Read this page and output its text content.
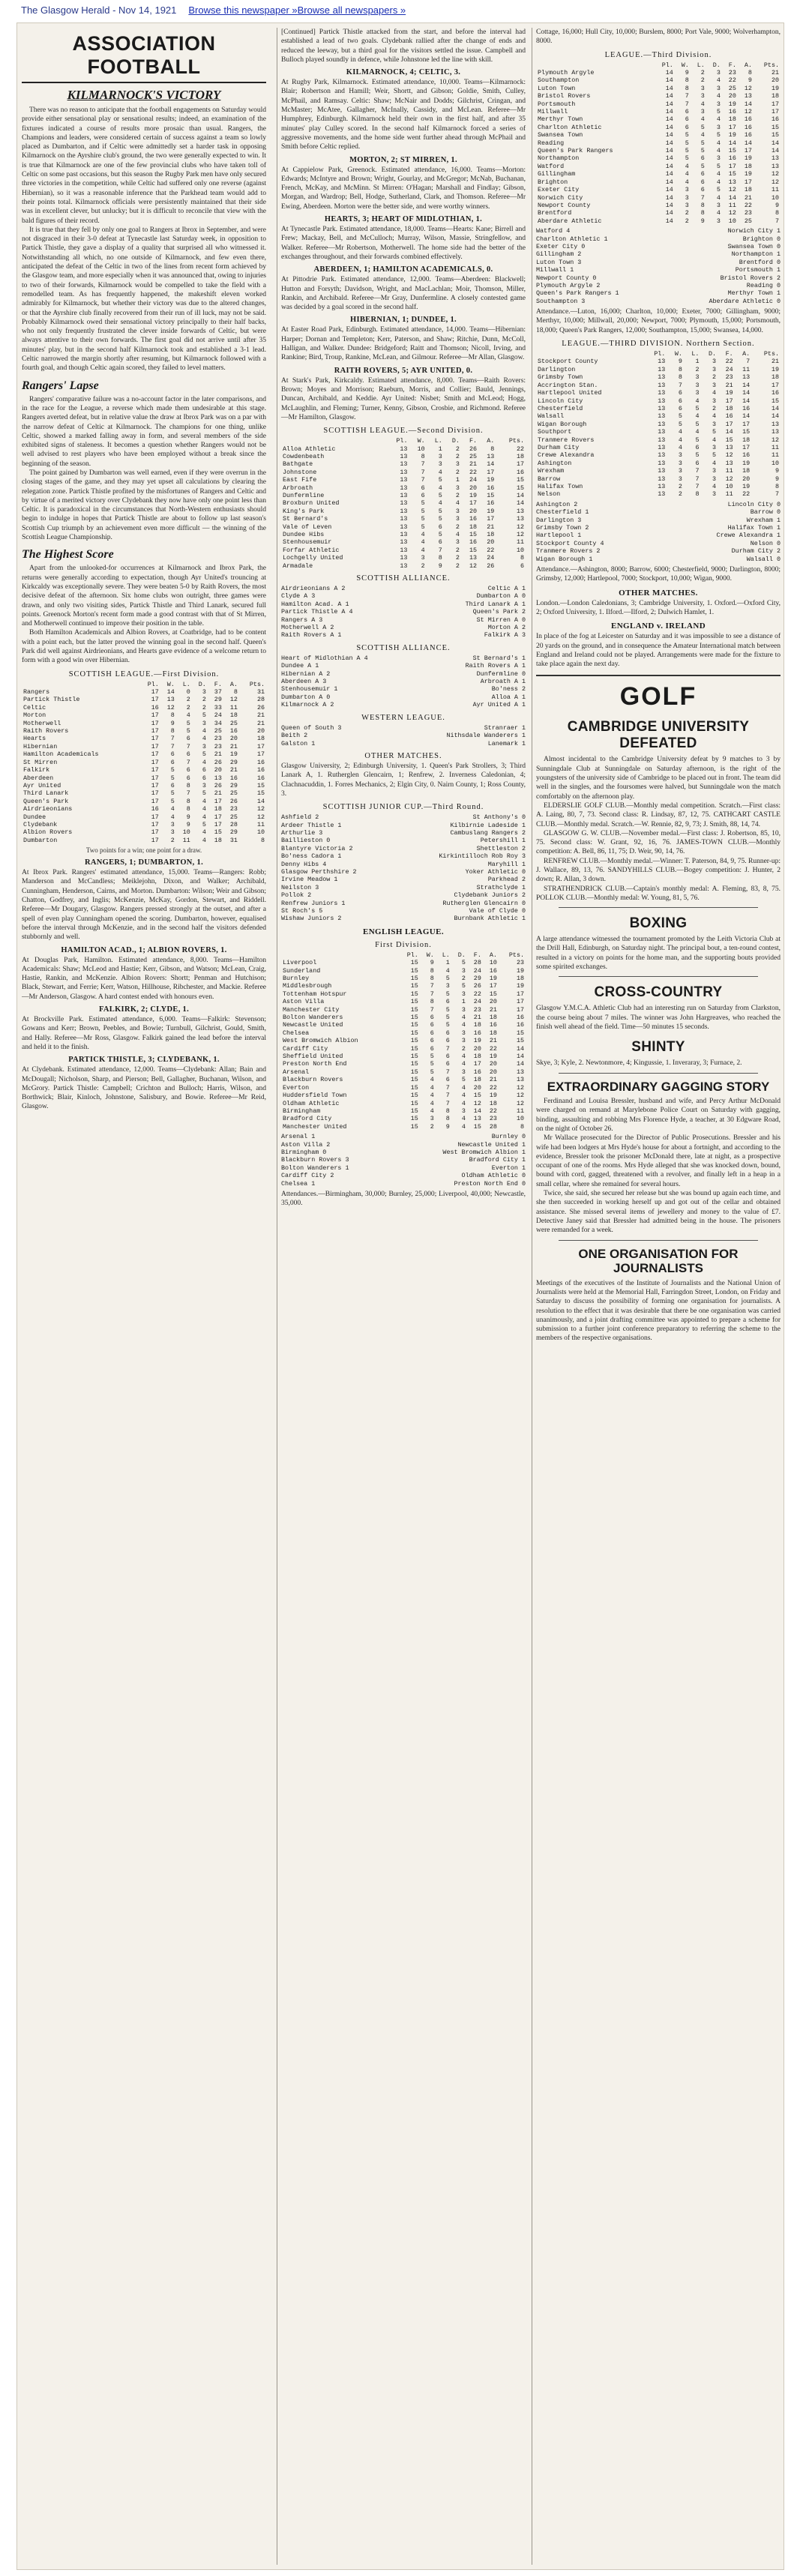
The Glasgow Herald - Nov 14, 1921 Browse this newspaper » Browse all newspapers »
ASSOCIATION FOOTBALL
KILMARNOCK'S VICTORY

There was no reason to anticipate that the football engagements on Saturday would provide either sensational play or sensational results; indeed, an examination of the fixtures indicated a course of results more prosaic than usual. Rangers, the Champions and leaders, were considered certain of success against a team so lowly placed as Dumbarton, and if Celtic were admittedly set a harder task in opposing Kilmarnock on the Ayrshire club's ground, the two were generally expected to win. It is true that Kilmarnock are one of the few provincial clubs who have taken toll of Celtic on some past occasions, but this season the Rugby Park men have only secured three victories in the competition, while Celtic had suffered only one reverse (against Hibernian), so it was a reasonable inference that the Parkhead team would add to their points total. Kilmarnock officials were persistently maintained that their side was in excellent clever, but unlucky; but it is difficult to reconcile that view with the bald figures of their record.

It is true that they fell by only one goal to Rangers at Ibrox in September, and were not disgraced in their 3-0 defeat at Tynecastle last Saturday week, in opposition to Partick Thistle, they gave a display of a quality that surprised all who witnessed it. Notwithstanding all which, no one outside of Kilmarnock, and few even there, anticipated the defeat of the Celtic in two of the lines from recent form achieved by the Glasgow team, and more especially when it was announced that, owing to injuries to two of their forwards, Kilmarnock would be compelled to take the field with a remodelled team. As has frequently happened, the makeshift eleven worked admirably for Kilmarnock, but whether their victory was due to the altered changes, or that the Ayrshire club finally recovered from their run of ill luck, may not be said. Probably Kilmarnock owed their sensational victory principally to their half backs, who not only frequently frustrated the clever inside forwards of Celtic, but were always attentive to their own forwards. The first goal did not arrive until after 35 minutes' play, but in the second half Kilmarnock took and established a 3-1 lead. Celtic narrowed the margin shortly after resuming, but Kilmarnock followed with a fourth goal, and though Celtic again scored, they failed to level matters.

Rangers' Lapse

Rangers' comparative failure was a no-account factor in the later comparisons, and in the race for the League, a reverse which made them undesirable at this stage. Rangers averted defeat, but in relative value the draw at Ibrox Park was on a par with the narrow defeat of Celtic at Kilmarnock. The champions for one thing, unlike Celtic, showed a marked falling away in form, and several members of the side exhibited signs of staleness. It becomes a question whether Rangers would not be well advised to rest players who have been employed without a break since the beginning of the season.

The point gained by Dumbarton was well earned, even if they were overrun in the closing stages of the game, and they may yet upset all calculations by clearing the relegation zone. Partick Thistle profited by the misfortunes of Rangers and Celtic and by virtue of a merited victory over Clydebank they now have only one point less than Celtic. It is paradoxical in the circumstances that North-Western enthusiasts should begin to indulge in hopes that Partick Thistle are about to follow up last season's Scottish Cup triumph by an achievement even more difficult — the winning of the Scottish League Championship.

The Highest Score

Apart from the unlooked-for occurrences at Kilmarnock and Ibrox Park, the returns were generally according to expectation, though Ayr United's trouncing at Kirkcaldy was exceptionally severe. They were beaten 5-0 by Raith Rovers, the most decisive defeat of the afternoon. Six home clubs won outright, three games were drawn, and only two visiting sides, Partick Thistle and Third Lanark, secured full points. Greenock Morton's recent form made a good contrast with that of St Mirren, and Motherwell continued to improve their position in the table.

Both Hamilton Academicals and Albion Rovers, at Coatbridge, had to be content with a point each, but the latter proved the winning goal in the second half. Queen's Park did well against Airdrieonians, and Hearts gave evidence of a welcome return to form with a good win over Hibernian.

SCOTTISH LEAGUE.—First Division.
	Pl.	W.	L.	D.	F.	A.	Pts.
Rangers	17	14	0	3	37	8	31
Partick Thistle	17	13	2	2	29	12	28
Celtic	16	12	2	2	33	11	26
Morton	17	8	4	5	24	18	21
Motherwell	17	9	5	3	34	25	21
Raith Rovers	17	8	5	4	25	16	20
Hearts	17	7	6	4	23	20	18
Hibernian	17	7	7	3	23	21	17
Hamilton Academicals	17	6	6	5	21	19	17
St Mirren	17	6	7	4	26	29	16
Falkirk	17	5	6	6	20	21	16
Aberdeen	17	5	6	6	13	16	16
Ayr United	17	6	8	3	26	29	15
Third Lanark	17	5	7	5	21	25	15
Queen's Park	17	5	8	4	17	26	14
Airdrieonians	16	4	8	4	18	23	12
Dundee	17	4	9	4	17	25	12
Clydebank	17	3	9	5	17	28	11
Albion Rovers	17	3	10	4	15	29	10
Dumbarton	17	2	11	4	18	31	8
Two points for a win; one point for a draw.
RANGERS, 1; DUMBARTON, 1.
At Ibrox Park. Rangers' estimated attendance, 15,000. Teams—Rangers: Robb; Manderson and McCandless; Meiklejohn, Dixon, and Walker; Archibald, Cunningham, Henderson, Cairns, and Morton. Dumbarton: Wilson; Weir and Gibson; Chatton, Godfrey, and Inglis; McKenzie, McKay, Gordon, Stewart, and Riddell. Referee—Mr Dougary, Glasgow. Rangers pressed strongly at the outset, and after a spell of even play Cunningham opened the scoring. Dumbarton, however, equalised before the interval through McKenzie, and in the second half the visitors defended stubbornly and well.
HAMILTON ACAD., 1; ALBION ROVERS, 1.
At Douglas Park, Hamilton. Estimated attendance, 8,000. Teams—Hamilton Academicals: Shaw; McLeod and Hastie; Kerr, Gibson, and Watson; McLean, Craig, Hastie, Rankin, and McKenzie. Albion Rovers: Shortt; Penman and Hutchison; Black, Stewart, and Ferrie; Kerr, Watson, Hillhouse, Ribchester, and Mackie. Referee—Mr Anderson, Glasgow. A hard contest ended with honours even.
FALKIRK, 2; CLYDE, 1.
At Brockville Park. Estimated attendance, 6,000. Teams—Falkirk: Stevenson; Gowans and Kerr; Brown, Peebles, and Bowie; Turnbull, Gilchrist, Gould, Smith, and Hally. Referee—Mr Ross, Glasgow. Falkirk gained the lead before the interval and held it to the finish.
PARTICK THISTLE, 3; CLYDEBANK, 1.
At Clydebank. Estimated attendance, 12,000. Teams—Clydebank: Allan; Bain and McDougall; Nicholson, Sharp, and Pierson; Bell, Gallagher, Buchanan, Wilson, and McGrory. Partick Thistle: Campbell; Crichton and Bulloch; Harris, Wilson, and Borthwick; Blair, Kinloch, Johnstone, Salisbury, and Bowie. Referee—Mr Reid, Glasgow.
[Continued] Partick Thistle attacked from the start, and before the interval had established a lead of two goals. Clydebank rallied after the change of ends and reduced the leeway, but a third goal for the visitors settled the issue. Campbell and Bulloch played soundly in defence, while Johnstone led the line with skill.
KILMARNOCK, 4; CELTIC, 3.
At Rugby Park, Kilmarnock. Estimated attendance, 10,000. Teams—Kilmarnock: Blair; Robertson and Hamill; Weir, Shortt, and Gibson; Goldie, Smith, Culley, McPhail, and Ramsay. Celtic: Shaw; McNair and Dodds; Gilchrist, Cringan, and McMaster; McAtee, Gallagher, McInally, Cassidy, and McLean. Referee—Mr Humphrey, Edinburgh. Kilmarnock held their own in the first half, and after 35 minutes' play Culley scored. In the second half Kilmarnock forced a series of aggressive movements, and the home side went further ahead through McPhail and Smith before Celtic replied.
MORTON, 2; ST MIRREN, 1.
At Cappielow Park, Greenock. Estimated attendance, 16,000. Teams—Morton: Edwards; McIntyre and Brown; Wright, Gourlay, and McGregor; McNab, Buchanan, French, McKay, and McMinn. St Mirren: O'Hagan; Marshall and Findlay; Gibson, Morgan, and Wardrop; Bell, Hodge, Sutherland, Clark, and Thomson. Referee—Mr Ewing, Aberdeen. Morton were the better side, and were worthy winners.
HEARTS, 3; HEART OF MIDLOTHIAN, 1.
At Tynecastle Park. Estimated attendance, 18,000. Teams—Hearts: Kane; Birrell and Frew; Mackay, Bell, and McCulloch; Murray, Wilson, Massie, Stringfellow, and Walker. Referee—Mr Robertson, Motherwell. The home side had the better of the exchanges throughout, and their forwards combined effectively.
ABERDEEN, 1; HAMILTON ACADEMICALS, 0.
At Pittodrie Park. Estimated attendance, 12,000. Teams—Aberdeen: Blackwell; Hutton and Forsyth; Davidson, Wright, and MacLachlan; Moir, Thomson, Miller, Rankin, and Archibald. Referee—Mr Gray, Dunfermline. A closely contested game was decided by a goal scored in the second half.
HIBERNIAN, 1; DUNDEE, 1.
At Easter Road Park, Edinburgh. Estimated attendance, 14,000. Teams—Hibernian: Harper; Dornan and Templeton; Kerr, Paterson, and Shaw; Ritchie, Dunn, McColl, Halligan, and Walker. Dundee: Bridgeford; Raitt and Thomson; Nicoll, Irving, and Rankine; Bird, Troup, Rankine, McLean, and Gilmour. Referee—Mr Allan, Glasgow.
RAITH ROVERS, 5; AYR UNITED, 0.
At Stark's Park, Kirkcaldy. Estimated attendance, 8,000. Teams—Raith Rovers: Brown; Moyes and Morrison; Raeburn, Morris, and Collier; Bauld, Jennings, Duncan, Archibald, and Keddie. Ayr United: Nisbet; Smith and McLeod; Hogg, McLaughlin, and Fleming; Turner, Kenny, Gibson, Crosbie, and Richmond. Referee—Mr Hamilton, Glasgow.
SCOTTISH LEAGUE.—Second Division.
	Pl.	W.	L.	D.	F.	A.	Pts.
Alloa Athletic	13	10	1	2	26	8	22
Cowdenbeath	13	8	3	2	25	13	18
Bathgate	13	7	3	3	21	14	17
Johnstone	13	7	4	2	22	17	16
East Fife	13	7	5	1	24	19	15
Arbroath	13	6	4	3	20	16	15
Dunfermline	13	6	5	2	19	15	14
Broxburn United	13	5	4	4	17	16	14
King's Park	13	5	5	3	20	19	13
St Bernard's	13	5	5	3	16	17	13
Vale of Leven	13	5	6	2	18	21	12
Dundee Hibs	13	4	5	4	15	18	12
Stenhousemuir	13	4	6	3	16	20	11
Forfar Athletic	13	4	7	2	15	22	10
Lochgelly United	13	3	8	2	13	24	8
Armadale	13	2	9	2	12	26	6
SCOTTISH ALLIANCE.
Airdrieonians A 2	Celtic A 1
Clyde A 3	Dumbarton A 0
Hamilton Acad. A 1	Third Lanark A 1
Partick Thistle A 4	Queen's Park 2
Rangers A 3	St Mirren A 0
Motherwell A 2	Morton A 2
Raith Rovers A 1	Falkirk A 3
SCOTTISH ALLIANCE.
Heart of Midlothian A 4	St Bernard's 1
Dundee A 1	Raith Rovers A 1
Hibernian A 2	Dunfermline 0
Aberdeen A 3	Arbroath A 1
Stenhousemuir 1	Bo'ness 2
Dumbarton A 0	Alloa A 1
Kilmarnock A 2	Ayr United A 1
WESTERN LEAGUE.
Queen of South 3	Stranraer 1
Beith 2	Nithsdale Wanderers 1
Galston 1	Lanemark 1
OTHER MATCHES.
Glasgow University, 2; Edinburgh University, 1. Queen's Park Strollers, 3; Third Lanark A, 1. Rutherglen Glencairn, 1; Renfrew, 2. Inverness Caledonian, 4; Clachnacuddin, 1. Forres Mechanics, 2; Elgin City, 0. Nairn County, 1; Ross County, 3.
SCOTTISH JUNIOR CUP.—Third Round.
Ashfield 2	St Anthony's 0
Ardeer Thistle 1	Kilbirnie Ladeside 1
Arthurlie 3	Cambuslang Rangers 2
Baillieston 0	Petershill 1
Blantyre Victoria 2	Shettleston 2
Bo'ness Cadora 1	Kirkintilloch Rob Roy 3
Denny Hibs 4	Maryhill 1
Glasgow Perthshire 2	Yoker Athletic 0
Irvine Meadow 1	Parkhead 2
Neilston 3	Strathclyde 1
Pollok 2	Clydebank Juniors 2
Renfrew Juniors 1	Rutherglen Glencairn 0
St Roch's 5	Vale of Clyde 0
Wishaw Juniors 2	Burnbank Athletic 1
ENGLISH LEAGUE.
First Division.
	Pl.	W.	L.	D.	F.	A.	Pts.
Liverpool	15	9	1	5	28	10	23
Sunderland	15	8	4	3	24	16	19
Burnley	15	8	5	2	29	19	18
Middlesbrough	15	7	3	5	26	17	19
Tottenham Hotspur	15	7	5	3	22	15	17
Aston Villa	15	8	6	1	24	20	17
Manchester City	15	7	5	3	23	21	17
Bolton Wanderers	15	6	5	4	21	18	16
Newcastle United	15	6	5	4	18	16	16
Chelsea	15	6	6	3	16	18	15
West Bromwich Albion	15	6	6	3	19	21	15
Cardiff City	15	6	7	2	20	22	14
Sheffield United	15	5	6	4	18	19	14
Preston North End	15	5	6	4	17	20	14
Arsenal	15	5	7	3	16	20	13
Blackburn Rovers	15	4	6	5	18	21	13
Everton	15	4	7	4	20	22	12
Huddersfield Town	15	4	7	4	15	19	12
Oldham Athletic	15	4	7	4	12	18	12
Birmingham	15	4	8	3	14	22	11
Bradford City	15	3	8	4	13	23	10
Manchester United	15	2	9	4	15	28	8
Arsenal 1	Burnley 0
Aston Villa 2	Newcastle United 1
Birmingham 0	West Bromwich Albion 1
Blackburn Rovers 3	Bradford City 1
Bolton Wanderers 1	Everton 1
Cardiff City 2	Oldham Athletic 0
Chelsea 1	Preston North End 0
Attendances.—Birmingham, 30,000; Burnley, 25,000; Liverpool, 40,000; Newcastle, 35,000.
Cottage, 16,000; Hull City, 10,000; Burslem, 8000; Port Vale, 9000; Wolverhampton, 8000.
LEAGUE.—Third Division.
	Pl.	W.	L.	D.	F.	A.	Pts.
Plymouth Argyle	14	9	2	3	23	8	21
Southampton	14	8	2	4	22	9	20
Luton Town	14	8	3	3	25	12	19
Bristol Rovers	14	7	3	4	20	13	18
Portsmouth	14	7	4	3	19	14	17
Millwall	14	6	3	5	16	12	17
Merthyr Town	14	6	4	4	18	16	16
Charlton Athletic	14	6	5	3	17	16	15
Swansea Town	14	5	4	5	19	16	15
Reading	14	5	5	4	14	14	14
Queen's Park Rangers	14	5	5	4	15	17	14
Northampton	14	5	6	3	16	19	13
Watford	14	4	5	5	17	18	13
Gillingham	14	4	6	4	15	19	12
Brighton	14	4	6	4	13	17	12
Exeter City	14	3	6	5	12	18	11
Norwich City	14	3	7	4	14	21	10
Newport County	14	3	8	3	11	22	9
Brentford	14	2	8	4	12	23	8
Aberdare Athletic	14	2	9	3	10	25	7
Watford 4	Norwich City 1
Charlton Athletic 1	Brighton 0
Exeter City 0	Swansea Town 0
Gillingham 2	Northampton 1
Luton Town 3	Brentford 0
Millwall 1	Portsmouth 1
Newport County 0	Bristol Rovers 2
Plymouth Argyle 2	Reading 0
Queen's Park Rangers 1	Merthyr Town 1
Southampton 3	Aberdare Athletic 0
Attendance.—Luton, 16,000; Charlton, 10,000; Exeter, 7000; Gillingham, 9000; Merthyr, 10,000; Millwall, 20,000; Newport, 7000; Plymouth, 15,000; Portsmouth, 18,000; Queen's Park Rangers, 12,000; Southampton, 15,000; Swansea, 14,000.
LEAGUE.—THIRD DIVISION. Northern Section.
	Pl.	W.	L.	D.	F.	A.	Pts.
Stockport County	13	9	1	3	22	7	21
Darlington	13	8	2	3	24	11	19
Grimsby Town	13	8	3	2	23	13	18
Accrington Stan.	13	7	3	3	21	14	17
Hartlepool United	13	6	3	4	19	14	16
Lincoln City	13	6	4	3	17	14	15
Chesterfield	13	6	5	2	18	16	14
Walsall	13	5	4	4	16	14	14
Wigan Borough	13	5	5	3	17	17	13
Southport	13	4	4	5	14	15	13
Tranmere Rovers	13	4	5	4	15	18	12
Durham City	13	4	6	3	13	17	11
Crewe Alexandra	13	3	5	5	12	16	11
Ashington	13	3	6	4	13	19	10
Wrexham	13	3	7	3	11	18	9
Barrow	13	3	7	3	12	20	9
Halifax Town	13	2	7	4	10	19	8
Nelson	13	2	8	3	11	22	7
Ashington 2	Lincoln City 0
Chesterfield 1	Barrow 0
Darlington 3	Wrexham 1
Grimsby Town 2	Halifax Town 1
Hartlepool 1	Crewe Alexandra 1
Stockport County 4	Nelson 0
Tranmere Rovers 2	Durham City 2
Wigan Borough 1	Walsall 0
Attendance.—Ashington, 8000; Barrow, 6000; Chesterfield, 9000; Darlington, 8000; Grimsby, 12,000; Hartlepool, 7000; Stockport, 10,000; Wigan, 9000.
OTHER MATCHES.
London.—London Caledonians, 3; Cambridge University, 1. Oxford.—Oxford City, 2; Oxford University, 1. Ilford.—Ilford, 2; Dulwich Hamlet, 1.
ENGLAND v. IRELAND
In place of the fog at Leicester on Saturday and it was impossible to see a distance of 20 yards on the ground, and in consequence the Amateur International match between England and Ireland could not be played. Arrangements were made for the fixture to take place again the next day.
GOLF
CAMBRIDGE UNIVERSITY DEFEATED

Almost incidental to the Cambridge University defeat by 9 matches to 3 by Sunningdale Club at Sunningdale on Saturday afternoon, is the right of the youngsters of the university side of Cambridge to be placed out in front. The team did well in the singles, and the foursomes were halved, but Sunningdale won the match comfortably on the afternoon play.

ELDERSLIE GOLF CLUB.—Monthly medal competition. Scratch.—First class: A. Laing, 80, 7, 73. Second class: R. Lindsay, 87, 12, 75. CATHCART CASTLE CLUB.—Monthly medal. Scratch.—W. Rennie, 82, 9, 73; J. Smith, 88, 14, 74.

GLASGOW G. W. CLUB.—November medal.—First class: J. Robertson, 85, 10, 75. Second class: W. Grant, 92, 16, 76. JAMES-TOWN CLUB.—Monthly competition: A. Bell, 86, 11, 75; D. Weir, 90, 14, 76.

RENFREW CLUB.—Monthly medal.—Winner: T. Paterson, 84, 9, 75. Runner-up: J. Wallace, 89, 13, 76. SANDYHILLS CLUB.—Bogey competition: J. Hunter, 2 down; R. Allan, 3 down.

STRATHENDRICK CLUB.—Captain's monthly medal: A. Fleming, 83, 8, 75. POLLOK CLUB.—Monthly medal: W. Young, 81, 5, 76.

BOXING
A large attendance witnessed the tournament promoted by the Leith Victoria Club at the Drill Hall, Edinburgh, on Saturday night. The principal bout, a ten-round contest, resulted in a victory on points for the home man, and the supporting bouts provided some spirited exchanges.
CROSS-COUNTRY
Glasgow Y.M.C.A. Athletic Club had an interesting run on Saturday from Clarkston, the course being about 7 miles. The winner was John Hargreaves, who reached the finish well ahead of the field. Time—50 minutes 15 seconds.
SHINTY
Skye, 3; Kyle, 2. Newtonmore, 4; Kingussie, 1. Inveraray, 3; Furnace, 2.
EXTRAORDINARY GAGGING STORY

Ferdinand and Louisa Bressler, husband and wife, and Percy Arthur McDonald were charged on remand at Marylebone Police Court on Saturday with gagging, binding, assaulting and robbing Mrs Florence Hyde, a teacher, at 30 Edgware Road, on the night of October 26.

Mr Wallace prosecuted for the Director of Public Prosecutions. Bressler and his wife had been lodgers at Mrs Hyde's house for about a fortnight, and according to the evidence, Bressler took the prisoner McDonald there, late at night, as a prospective occupant of one of the rooms. Mrs Hyde alleged that she was knocked down, bound, bound with cord, gagged, threatened with a revolver, and finally left in a heap in a small cellar, where she remained for several hours.

Twice, she said, she secured her release but she was bound up again each time, and she then succeeded in working herself up and got out of the cellar and obtained assistance. She missed several items of jewellery and money to the value of £7. Detective Janey said that Bressler had admitted being in the house. The prisoners were remanded for a week.

ONE ORGANISATION FOR JOURNALISTS
Meetings of the executives of the Institute of Journalists and the National Union of Journalists were held at the Memorial Hall, Farringdon Street, London, on Friday and Saturday to discuss the possibility of forming one organisation for journalists. A resolution to the effect that it was desirable that there be one organisation was carried unanimously, and a joint drafting committee was appointed to prepare a scheme for submission to a further joint conference preparatory to referring the scheme to the members of the respective organisations.
